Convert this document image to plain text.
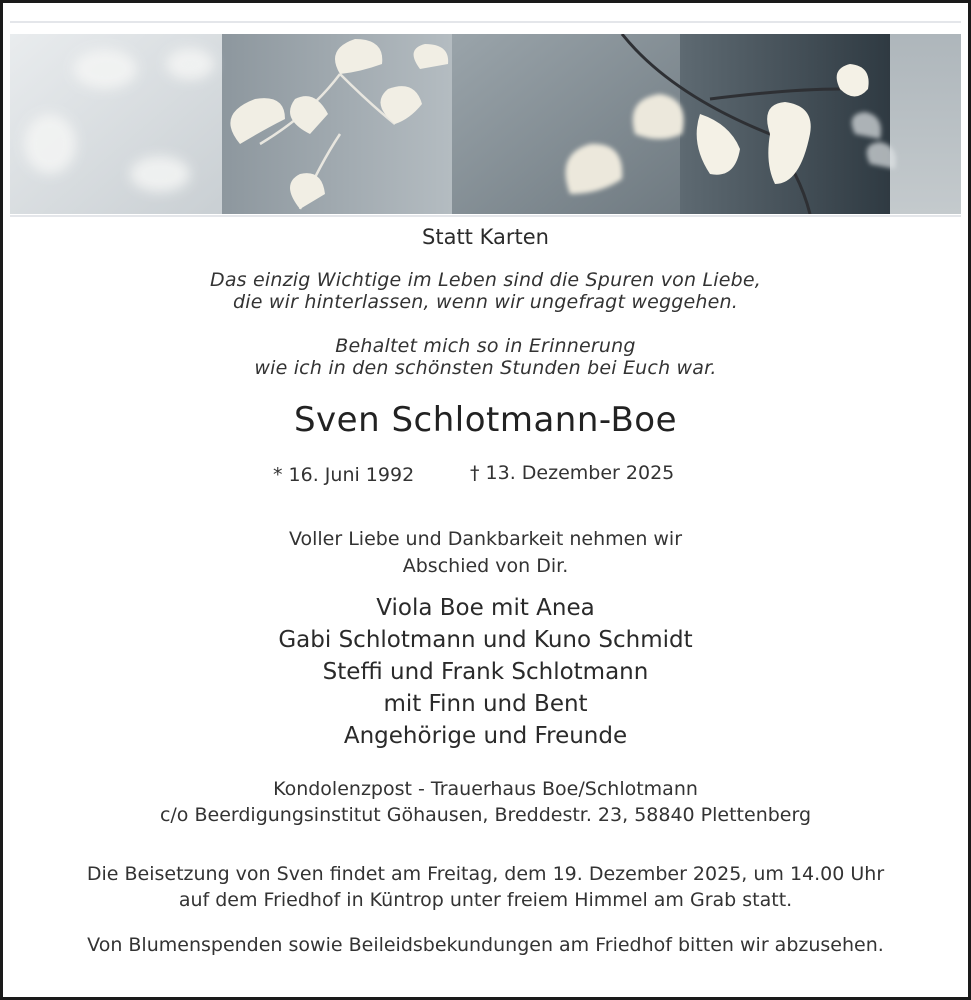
Statt Karten
Das einzig Wichtige im Leben sind die Spuren von Liebe,
die wir hinterlassen, wenn wir ungefragt weggehen.
Behaltet mich so in Erinnerung
wie ich in den schönsten Stunden bei Euch war.
Sven Schlotmann-Boe
* 16. Juni 1992	† 13. Dezember 2025
Voller Liebe und Dankbarkeit nehmen wir
Abschied von Dir.
Viola Boe mit Anea
Gabi Schlotmann und Kuno Schmidt
Steffi und Frank Schlotmann
mit Finn und Bent
Angehörige und Freunde
Kondolenzpost - Trauerhaus Boe/Schlotmann
c/o Beerdigungsinstitut Göhausen, Breddestr. 23, 58840 Plettenberg
Die Beisetzung von Sven findet am Freitag, dem 19. Dezember 2025, um 14.00 Uhr
auf dem Friedhof in Küntrop unter freiem Himmel am Grab statt.
Von Blumenspenden sowie Beileidsbekundungen am Friedhof bitten wir abzusehen.
